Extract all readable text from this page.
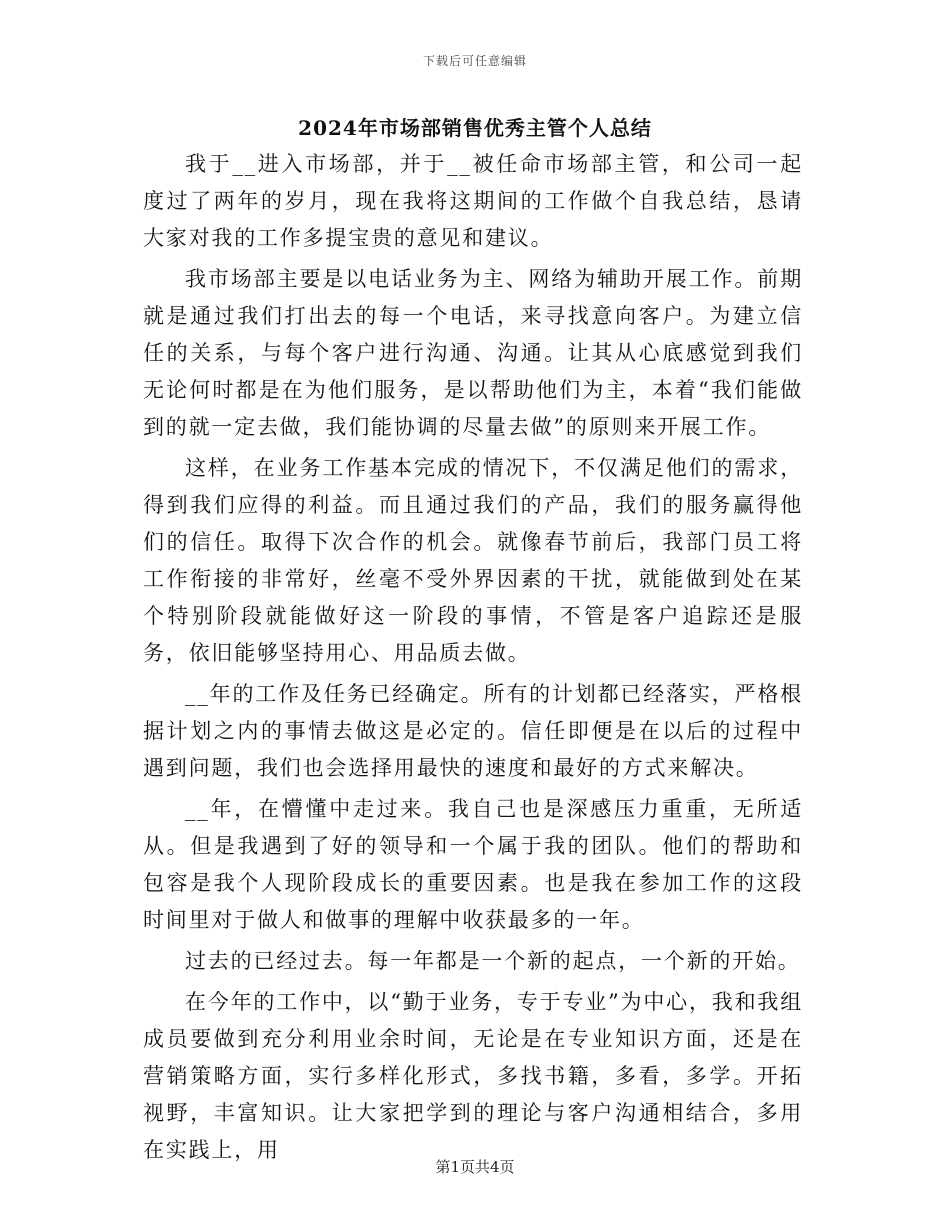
下载后可任意编辑
2024年市场部销售优秀主管个人总结

我于__进入市场部，并于__被任命市场部主管，和公司一起度过了两年的岁月，现在我将这期间的工作做个自我总结，恳请大家对我的工作多提宝贵的意见和建议。

我市场部主要是以电话业务为主、网络为辅助开展工作。前期就是通过我们打出去的每一个电话，来寻找意向客户。为建立信任的关系，与每个客户进行沟通、沟通。让其从心底感觉到我们无论何时都是在为他们服务，是以帮助他们为主，本着“我们能做到的就一定去做，我们能协调的尽量去做”的原则来开展工作。

这样，在业务工作基本完成的情况下，不仅满足他们的需求，得到我们应得的利益。而且通过我们的产品，我们的服务赢得他们的信任。取得下次合作的机会。就像春节前后，我部门员工将工作衔接的非常好，丝毫不受外界因素的干扰，就能做到处在某个特别阶段就能做好这一阶段的事情，不管是客户追踪还是服务，依旧能够坚持用心、用品质去做。

__年的工作及任务已经确定。所有的计划都已经落实，严格根据计划之内的事情去做这是必定的。信任即便是在以后的过程中遇到问题，我们也会选择用最快的速度和最好的方式来解决。

__年，在懵懂中走过来。我自己也是深感压力重重，无所适从。但是我遇到了好的领导和一个属于我的团队。他们的帮助和包容是我个人现阶段成长的重要因素。也是我在参加工作的这段时间里对于做人和做事的理解中收获最多的一年。

过去的已经过去。每一年都是一个新的起点，一个新的开始。

在今年的工作中，以“勤于业务，专于专业”为中心，我和我组成员要做到充分利用业余时间，无论是在专业知识方面，还是在营销策略方面，实行多样化形式，多找书籍，多看，多学。开拓视野，丰富知识。让大家把学到的理论与客户沟通相结合，多用在实践上，用

第1页共4页
